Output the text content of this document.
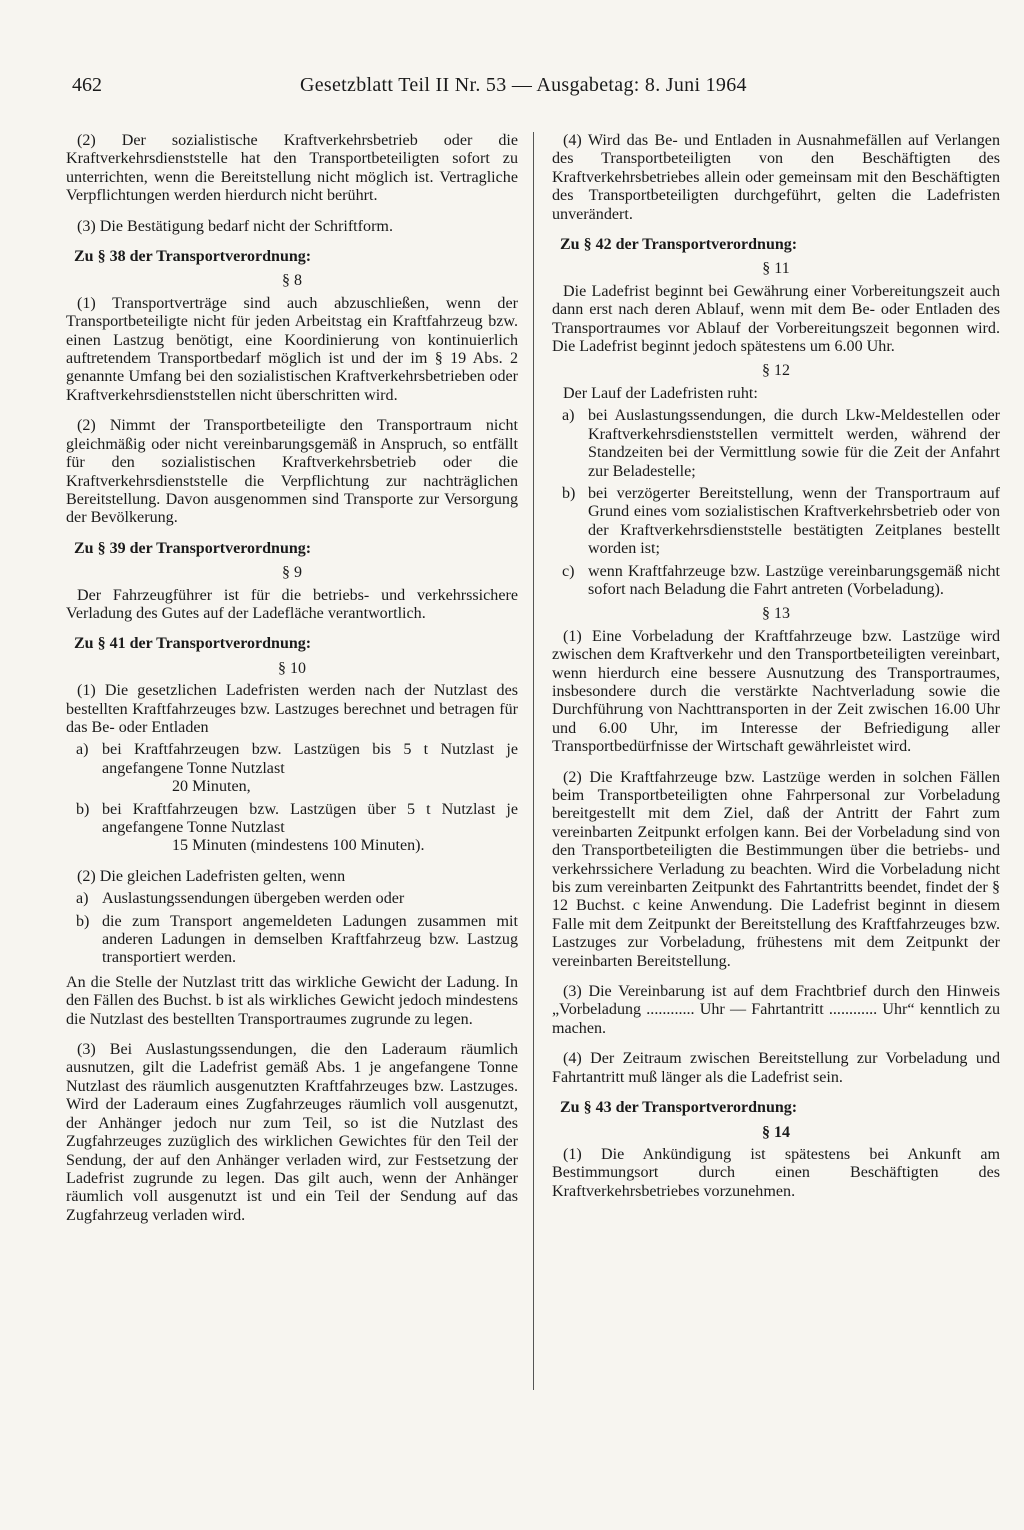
462	Gesetzblatt Teil II Nr. 53 — Ausgabetag: 8. Juni 1964

(2) Der sozialistische Kraftverkehrsbetrieb oder die Kraftverkehrsdienststelle hat den Transportbeteiligten sofort zu unterrichten, wenn die Bereitstellung nicht möglich ist. Vertragliche Verpflichtungen werden hierdurch nicht berührt.

(3) Die Bestätigung bedarf nicht der Schriftform.

Zu § 38 der Transportverordnung:
§ 8

(1) Transportverträge sind auch abzuschließen, wenn der Transportbeteiligte nicht für jeden Arbeitstag ein Kraftfahrzeug bzw. einen Lastzug benötigt, eine Koordinierung von kontinuierlich auftretendem Transportbedarf möglich ist und der im § 19 Abs. 2 genannte Umfang bei den sozialistischen Kraftverkehrsbetrieben oder Kraftverkehrsdienststellen nicht überschritten wird.

(2) Nimmt der Transportbeteiligte den Transportraum nicht gleichmäßig oder nicht vereinbarungsgemäß in Anspruch, so entfällt für den sozialistischen Kraftverkehrsbetrieb oder die Kraftverkehrsdienststelle die Verpflichtung zur nachträglichen Bereitstellung. Davon ausgenommen sind Transporte zur Versorgung der Bevölkerung.

Zu § 39 der Transportverordnung:
§ 9

Der Fahrzeugführer ist für die betriebs- und verkehrssichere Verladung des Gutes auf der Ladefläche verantwortlich.

Zu § 41 der Transportverordnung:
§ 10

(1) Die gesetzlichen Ladefristen werden nach der Nutzlast des bestellten Kraftfahrzeuges bzw. Lastzuges berechnet und betragen für das Be- oder Entladen

a) bei Kraftfahrzeugen bzw. Lastzügen bis 5 t Nutzlast je angefangene Tonne Nutzlast
20 Minuten,
b) bei Kraftfahrzeugen bzw. Lastzügen über 5 t Nutzlast je angefangene Tonne Nutzlast
15 Minuten (mindestens 100 Minuten).

(2) Die gleichen Ladefristen gelten, wenn

a) Auslastungssendungen übergeben werden oder
b) die zum Transport angemeldeten Ladungen zusammen mit anderen Ladungen in demselben Kraftfahrzeug bzw. Lastzug transportiert werden.

An die Stelle der Nutzlast tritt das wirkliche Gewicht der Ladung. In den Fällen des Buchst. b ist als wirkliches Gewicht jedoch mindestens die Nutzlast des bestellten Transportraumes zugrunde zu legen.

(3) Bei Auslastungssendungen, die den Laderaum räumlich ausnutzen, gilt die Ladefrist gemäß Abs. 1 je angefangene Tonne Nutzlast des räumlich ausgenutzten Kraftfahrzeuges bzw. Lastzuges. Wird der Laderaum eines Zugfahrzeuges räumlich voll ausgenutzt, der Anhänger jedoch nur zum Teil, so ist die Nutzlast des Zugfahrzeuges zuzüglich des wirklichen Gewichtes für den Teil der Sendung, der auf den Anhänger verladen wird, zur Festsetzung der Ladefrist zugrunde zu legen. Das gilt auch, wenn der Anhänger räumlich voll ausgenutzt ist und ein Teil der Sendung auf das Zugfahrzeug verladen wird.

(4) Wird das Be- und Entladen in Ausnahmefällen auf Verlangen des Transportbeteiligten von den Beschäftigten des Kraftverkehrsbetriebes allein oder gemeinsam mit den Beschäftigten des Transportbeteiligten durchgeführt, gelten die Ladefristen unverändert.

Zu § 42 der Transportverordnung:
§ 11

Die Ladefrist beginnt bei Gewährung einer Vorbereitungszeit auch dann erst nach deren Ablauf, wenn mit dem Be- oder Entladen des Transportraumes vor Ablauf der Vorbereitungszeit begonnen wird. Die Ladefrist beginnt jedoch spätestens um 6.00 Uhr.

§ 12

Der Lauf der Ladefristen ruht:

a) bei Auslastungssendungen, die durch Lkw-Meldestellen oder Kraftverkehrsdienststellen vermittelt werden, während der Standzeiten bei der Vermittlung sowie für die Zeit der Anfahrt zur Beladestelle;
b) bei verzögerter Bereitstellung, wenn der Transportraum auf Grund eines vom sozialistischen Kraftverkehrsbetrieb oder von der Kraftverkehrsdienststelle bestätigten Zeitplanes bestellt worden ist;
c) wenn Kraftfahrzeuge bzw. Lastzüge vereinbarungsgemäß nicht sofort nach Beladung die Fahrt antreten (Vorbeladung).
§ 13

(1) Eine Vorbeladung der Kraftfahrzeuge bzw. Lastzüge wird zwischen dem Kraftverkehr und den Transportbeteiligten vereinbart, wenn hierdurch eine bessere Ausnutzung des Transportraumes, insbesondere durch die verstärkte Nachtverladung sowie die Durchführung von Nachttransporten in der Zeit zwischen 16.00 Uhr und 6.00 Uhr, im Interesse der Befriedigung aller Transportbedürfnisse der Wirtschaft gewährleistet wird.

(2) Die Kraftfahrzeuge bzw. Lastzüge werden in solchen Fällen beim Transportbeteiligten ohne Fahrpersonal zur Vorbeladung bereitgestellt mit dem Ziel, daß der Antritt der Fahrt zum vereinbarten Zeitpunkt erfolgen kann. Bei der Vorbeladung sind von den Transportbeteiligten die Bestimmungen über die betriebs- und verkehrssichere Verladung zu beachten. Wird die Vorbeladung nicht bis zum vereinbarten Zeitpunkt des Fahrtantritts beendet, findet der § 12 Buchst. c keine Anwendung. Die Ladefrist beginnt in diesem Falle mit dem Zeitpunkt der Bereitstellung des Kraftfahrzeuges bzw. Lastzuges zur Vorbeladung, frühestens mit dem Zeitpunkt der vereinbarten Bereitstellung.

(3) Die Vereinbarung ist auf dem Frachtbrief durch den Hinweis „Vorbeladung ............ Uhr — Fahrtantritt ............ Uhr“ kenntlich zu machen.

(4) Der Zeitraum zwischen Bereitstellung zur Vorbeladung und Fahrtantritt muß länger als die Ladefrist sein.

Zu § 43 der Transportverordnung:
§ 14

(1) Die Ankündigung ist spätestens bei Ankunft am Bestimmungsort durch einen Beschäftigten des Kraftverkehrsbetriebes vorzunehmen.
